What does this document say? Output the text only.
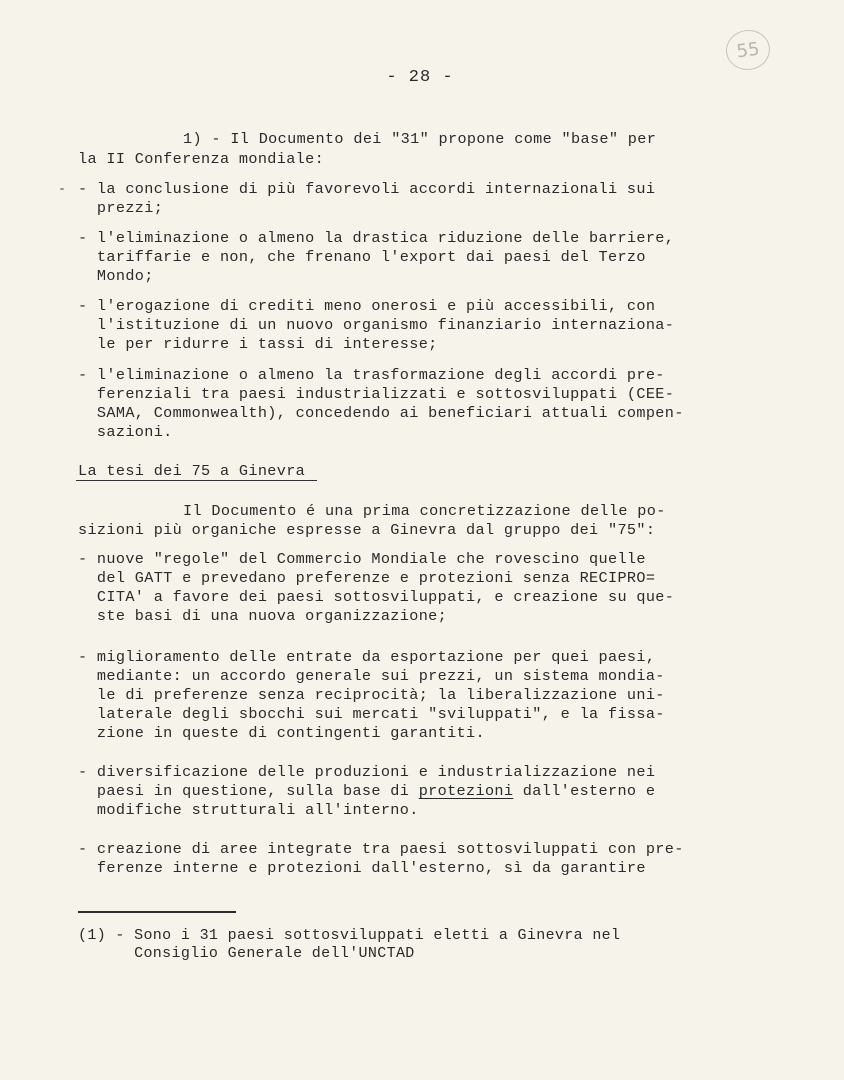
55
- 28 -
1) - Il Documento dei "31" propone come "base" per
la II Conferenza mondiale:
- la conclusione di più favorevoli accordi internazionali sui
prezzi;
- l'eliminazione o almeno la drastica riduzione delle barriere,
tariffarie e non, che frenano l'export dai paesi del Terzo
Mondo;
- l'erogazione di crediti meno onerosi e più accessibili, con
l'istituzione di un nuovo organismo finanziario internaziona-
le per ridurre i tassi di interesse;
- l'eliminazione o almeno la trasformazione degli accordi pre-
ferenziali tra paesi industrializzati e sottosviluppati (CEE-
SAMA, Commonwealth), concedendo ai beneficiari attuali compen-
sazioni.
La tesi dei 75 a Ginevra
Il Documento é una prima concretizzazione delle po-
sizioni più organiche espresse a Ginevra dal gruppo dei "75":
- nuove "regole" del Commercio Mondiale che rovescino quelle
del GATT e prevedano preferenze e protezioni senza RECIPRO=
CITA' a favore dei paesi sottosviluppati, e creazione su que-
ste basi di una nuova organizzazione;
- miglioramento delle entrate da esportazione per quei paesi,
mediante: un accordo generale sui prezzi, un sistema mondia-
le di preferenze senza reciprocità; la liberalizzazione uni-
laterale degli sbocchi sui mercati "sviluppati", e la fissa-
zione in queste di contingenti garantiti.
- diversificazione delle produzioni e industrializzazione nei
paesi in questione, sulla base di protezioni dall'esterno e
modifiche strutturali all'interno.
- creazione di aree integrate tra paesi sottosviluppati con pre-
ferenze interne e protezioni dall'esterno, sì da garantire
(1) - Sono i 31 paesi sottosviluppati eletti a Ginevra nel
Consiglio Generale dell'UNCTAD
